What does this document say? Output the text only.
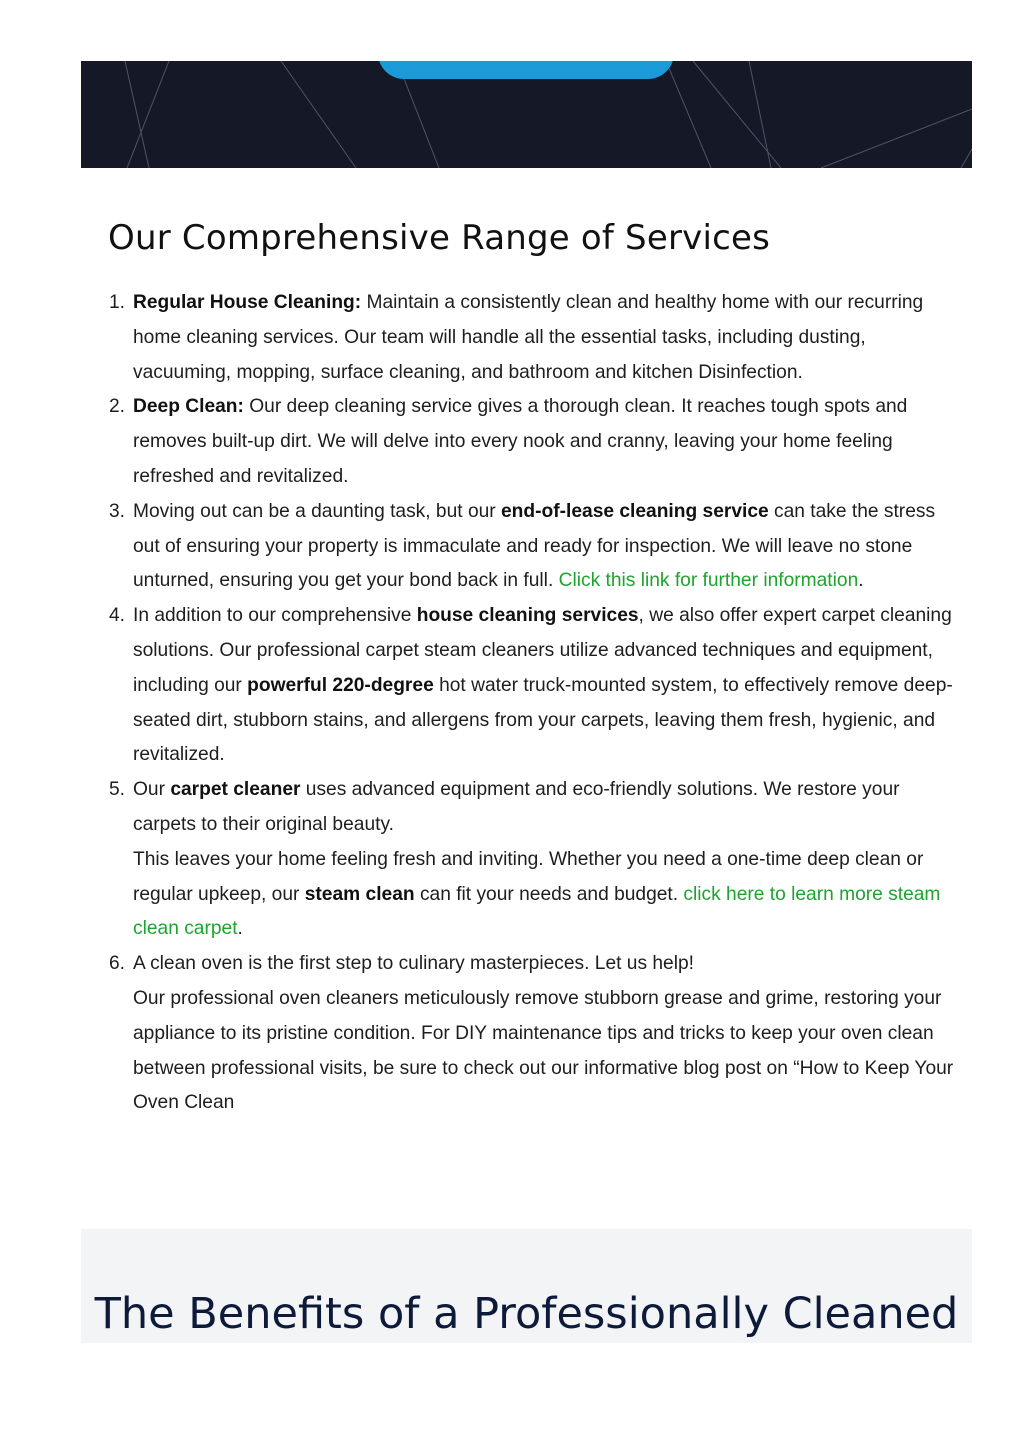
Our Comprehensive Range of Services
Regular House Cleaning: Maintain a consistently clean and healthy home with our recurring home cleaning services. Our team will handle all the essential tasks, including dusting, vacuuming, mopping, surface cleaning, and bathroom and kitchen Disinfection.
Deep Clean: Our deep cleaning service gives a thorough clean. It reaches tough spots and removes built-up dirt. We will delve into every nook and cranny, leaving your home feeling refreshed and revitalized.
Moving out can be a daunting task, but our end-of-lease cleaning service can take the stress out of ensuring your property is immaculate and ready for inspection. We will leave no stone unturned, ensuring you get your bond back in full. Click this link for further information.
In addition to our comprehensive house cleaning services, we also offer expert carpet cleaning solutions. Our professional carpet steam cleaners utilize advanced techniques and equipment, including our powerful 220-degree hot water truck-mounted system, to effectively remove deep-seated dirt, stubborn stains, and allergens from your carpets, leaving them fresh, hygienic, and revitalized.
Our carpet cleaner uses advanced equipment and eco-friendly solutions. We restore your carpets to their original beauty.
This leaves your home feeling fresh and inviting. Whether you need a one-time deep clean or regular upkeep, our steam clean can fit your needs and budget. click here to learn more steam clean carpet.
A clean oven is the first step to culinary masterpieces. Let us help!
Our professional oven cleaners meticulously remove stubborn grease and grime, restoring your appliance to its pristine condition. For DIY maintenance tips and tricks to keep your oven clean between professional visits, be sure to check out our informative blog post on “How to Keep Your Oven Clean
The Benefits of a Professionally Cleaned
